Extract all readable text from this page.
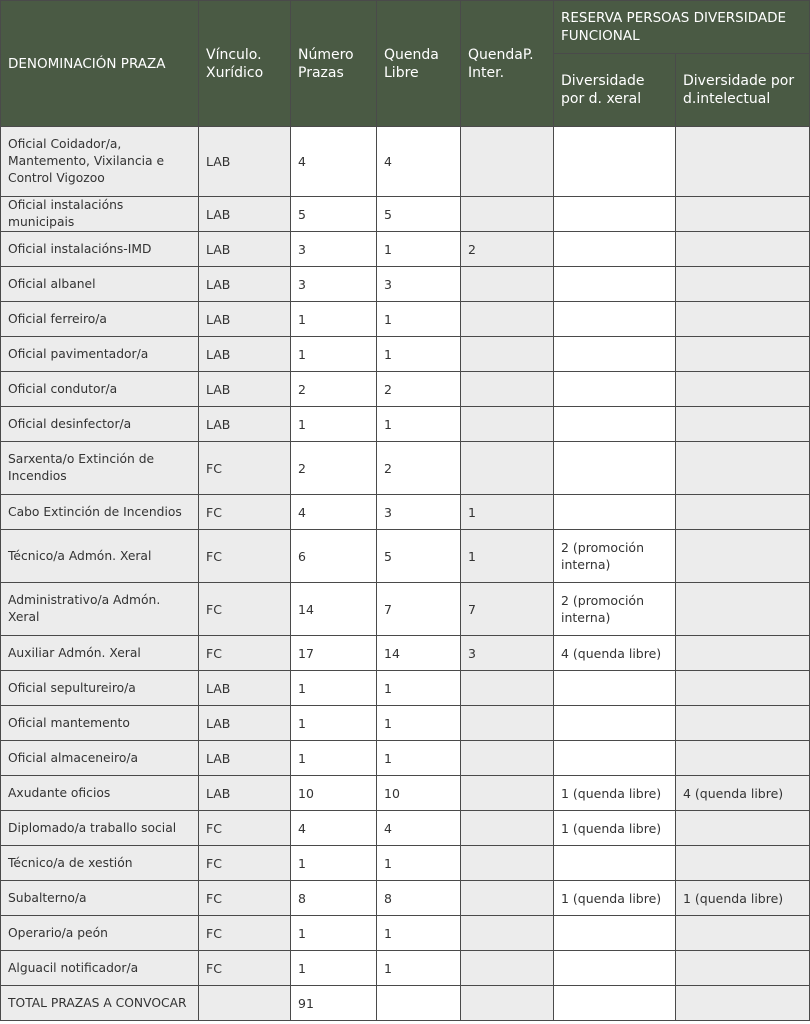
DENOMINACIÓN PRAZA	Vínculo. Xurídico	Número Prazas	Quenda Libre	QuendaP. Inter.	RESERVA PERSOAS DIVERSIDADE FUNCIONAL	
					Diversidade por d. xeral	Diversidade por d.intelectual
Oficial Coidador/a, Mantemento, Vixilancia e Control Vigozoo	LAB	4	4			
Oficial instalacións municipais	LAB	5	5			
Oficial instalacións-IMD	LAB	3	1	2		
Oficial albanel	LAB	3	3			
Oficial ferreiro/a	LAB	1	1			
Oficial pavimentador/a	LAB	1	1			
Oficial condutor/a	LAB	2	2			
Oficial desinfector/a	LAB	1	1			
Sarxenta/o Extinción de Incendios	FC	2	2			
Cabo Extinción de Incendios	FC	4	3	1		
Técnico/a Admón. Xeral	FC	6	5	1	2 (promoción interna)	
Administrativo/a Admón. Xeral	FC	14	7	7	2 (promoción interna)	
Auxiliar Admón. Xeral	FC	17	14	3	4 (quenda libre)	
Oficial sepultureiro/a	LAB	1	1			
Oficial mantemento	LAB	1	1			
Oficial almaceneiro/a	LAB	1	1			
Axudante oficios	LAB	10	10		1 (quenda libre)	4 (quenda libre)
Diplomado/a traballo social	FC	4	4		1 (quenda libre)	
Técnico/a de xestión	FC	1	1			
Subalterno/a	FC	8	8		1 (quenda libre)	1 (quenda libre)
Operario/a peón	FC	1	1			
Alguacil notificador/a	FC	1	1			
TOTAL PRAZAS A CONVOCAR		91				
